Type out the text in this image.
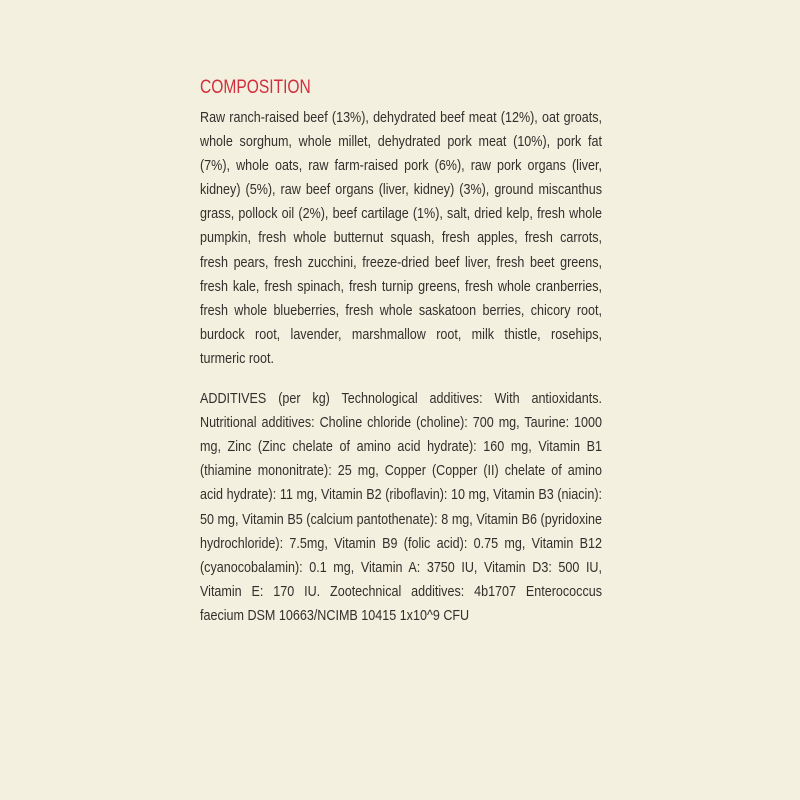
COMPOSITION

Raw ranch-raised beef (13%), dehydrated beef meat (12%), oat groats, whole sorghum, whole millet, dehydrated pork meat (10%), pork fat (7%), whole oats, raw farm-raised pork (6%), raw pork organs (liver, kidney) (5%), raw beef organs (liver, kidney) (3%), ground miscanthus grass, pollock oil (2%), beef cartilage (1%), salt, dried kelp, fresh whole pumpkin, fresh whole butternut squash, fresh apples, fresh carrots, fresh pears, fresh zucchini, freeze-dried beef liver, fresh beet greens, fresh kale, fresh spinach, fresh turnip greens, fresh whole cranberries, fresh whole blueberries, fresh whole saskatoon berries, chicory root, burdock root, lavender, marshmallow root, milk thistle, rosehips, turmeric root.

ADDITIVES (per kg) Technological additives: With antioxidants. Nutritional additives: Choline chloride (choline): 700 mg, Taurine: 1000 mg, Zinc (Zinc chelate of amino acid hydrate): 160 mg, Vitamin B1 (thiamine mononitrate): 25 mg, Copper (Copper (II) chelate of amino acid hydrate): 11 mg, Vitamin B2 (riboflavin): 10 mg, Vitamin B3 (niacin): 50 mg, Vitamin B5 (calcium pantothenate): 8 mg, Vitamin B6 (pyridoxine hydrochloride): 7.5mg, Vitamin B9 (folic acid): 0.75 mg, Vitamin B12 (cyanocobalamin): 0.1 mg, Vitamin A: 3750 IU, Vitamin D3: 500 IU, Vitamin E: 170 IU. Zootechnical additives: 4b1707 Enterococcus faecium DSM 10663/NCIMB 10415 1x10^9 CFU
